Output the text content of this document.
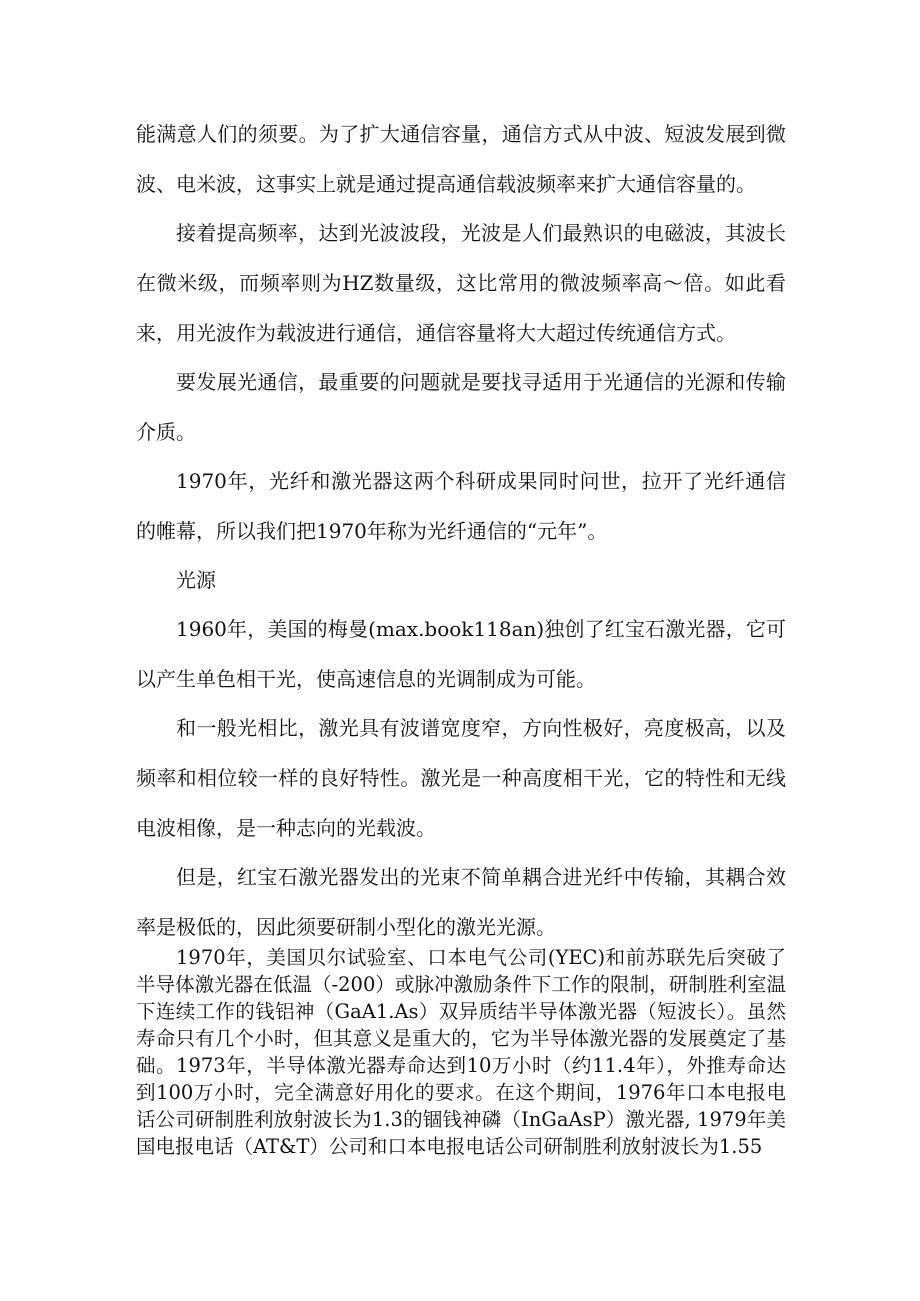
能满意人们的须要。为了扩大通信容量，通信方式从中波、短波发展到微波、电米波，这事实上就是通过提高通信载波频率来扩大通信容量的。

接着提高频率，达到光波波段，光波是人们最熟识的电磁波，其波长在微米级，而频率则为HZ数量级，这比常用的微波频率高～倍。如此看来，用光波作为载波进行通信，通信容量将大大超过传统通信方式。

要发展光通信，最重要的问题就是要找寻适用于光通信的光源和传输介质。

1970年，光纤和激光器这两个科研成果同时问世，拉开了光纤通信的帷幕，所以我们把1970年称为光纤通信的“元年”。

光源

1960年，美国的梅曼(max.book118an)独创了红宝石激光器，它可以产生单色相干光，使高速信息的光调制成为可能。

和一般光相比，激光具有波谱宽度窄，方向性极好，亮度极高，以及频率和相位较一样的良好特性。激光是一种高度相干光，它的特性和无线电波相像，是一种志向的光载波。

但是，红宝石激光器发出的光束不简单耦合进光纤中传输，其耦合效率是极低的，因此须要研制小型化的激光光源。

1970年，美国贝尔试验室、口本电气公司(YEC)和前苏联先后突破了半导体激光器在低温（-200）或脉冲激励条件下工作的限制，研制胜利室温下连续工作的钱铝神（GaA1.As）双异质结半导体激光器（短波长）。虽然寿命只有几个小时，但其意义是重大的，它为半导体激光器的发展奠定了基础。1973年，半导体激光器寿命达到10万小时（约11.4年），外推寿命达到100万小时，完全满意好用化的要求。在这个期间，1976年口本电报电话公司研制胜利放射波长为1.3的锢钱神磷（InGaAsP）激光器, 1979年美国电报电话（AT&T）公司和口本电报电话公司研制胜利放射波长为1.55
